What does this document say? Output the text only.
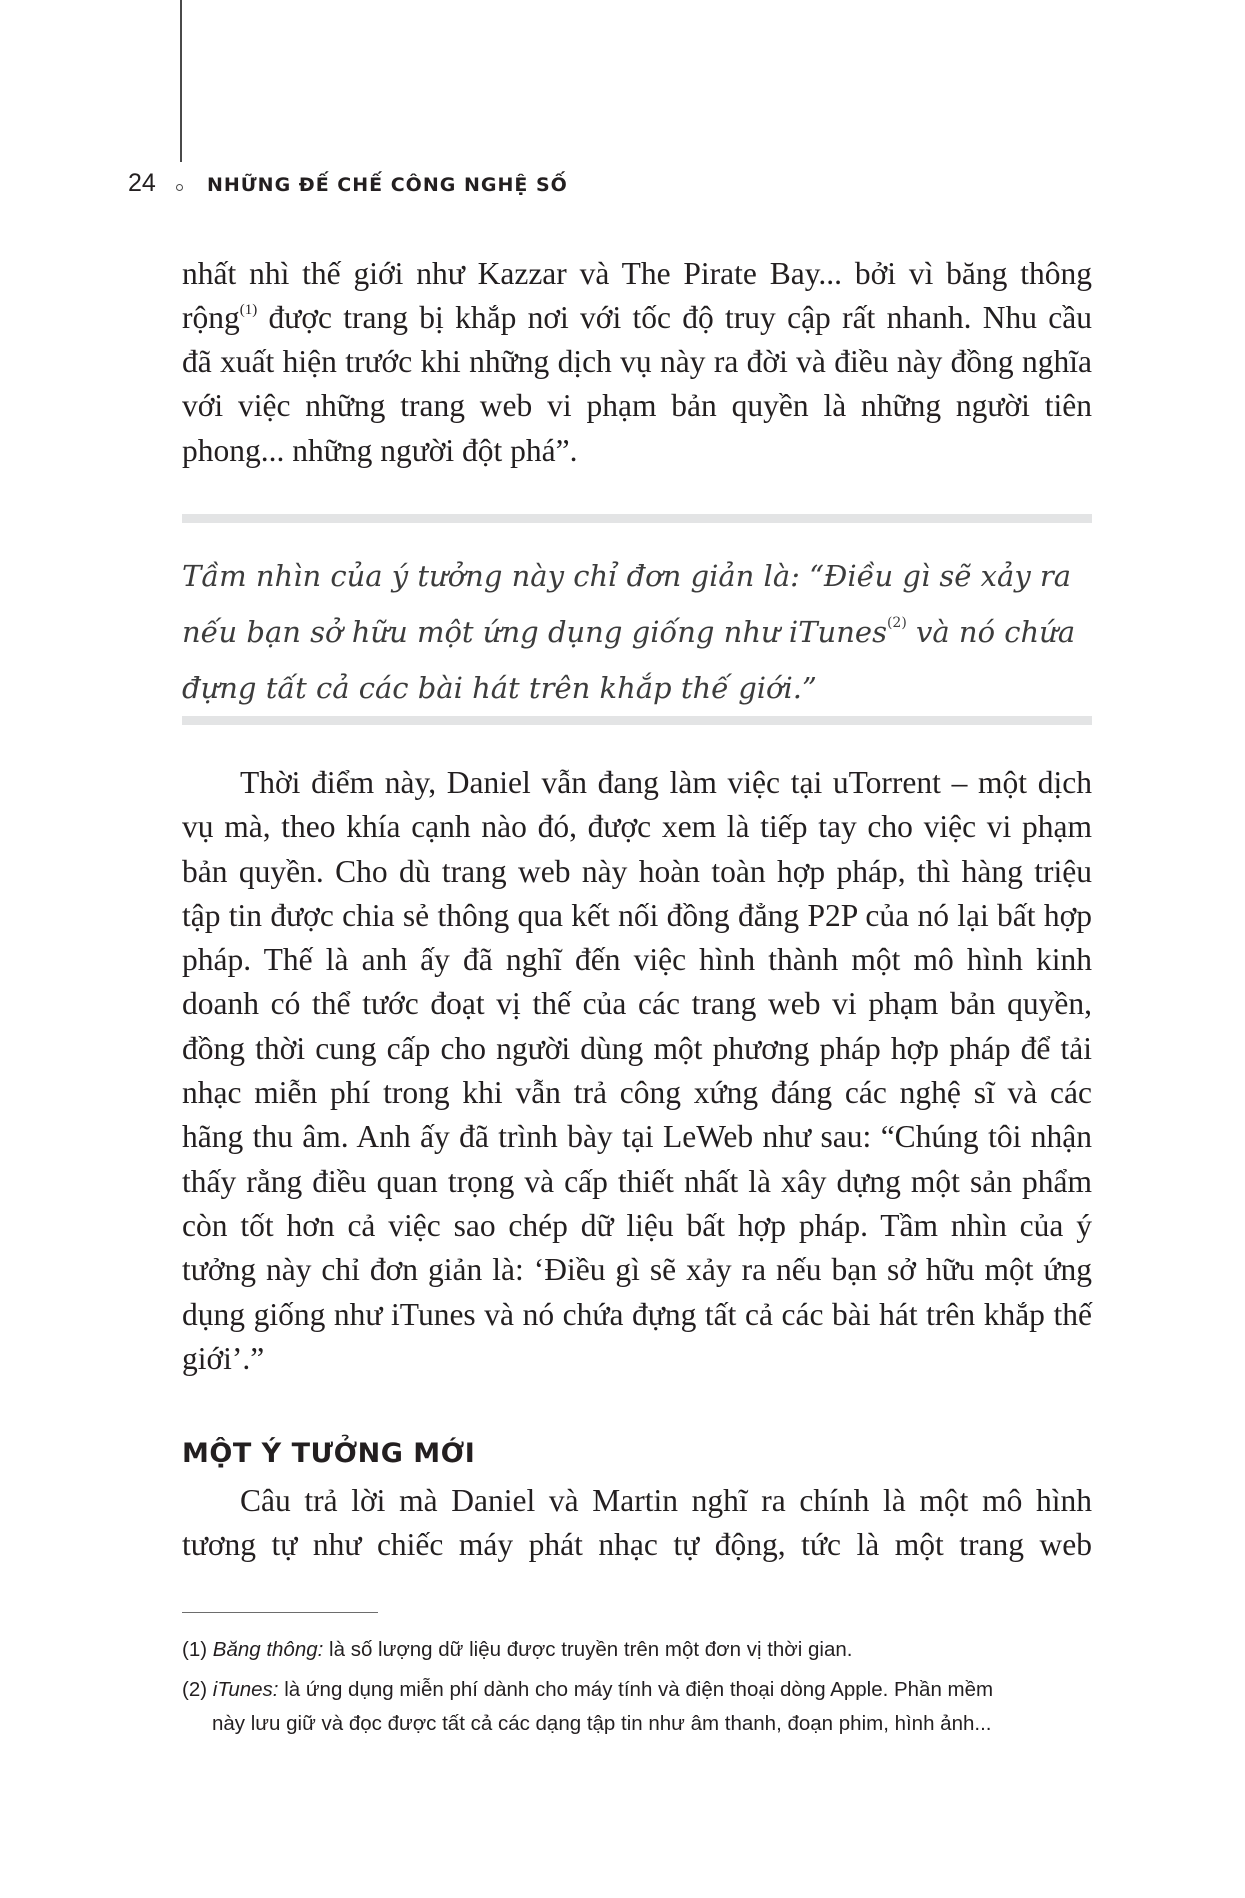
24	NHỮNG ĐẾ CHẾ CÔNG NGHỆ SỐ

nhất nhì thế giới như Kazzar và The Pirate Bay... bởi vì băng thông

rộng$^{(1)}$ được trang bị khắp nơi với tốc độ truy cập rất nhanh. Nhu cầu

đã xuất hiện trước khi những dịch vụ này ra đời và điều này đồng nghĩa với việc những trang web vi phạm bản quyền là những người tiên phong... những người đột phá”.

Tầm nhìn của ý tưởng này chỉ đơn giản là: “Điều gì sẽ xảy ra nếu bạn sở hữu một ứng dụng giống như iTunes$^{(2)}$ và nó chứa đựng tất cả các bài hát trên khắp thế giới.”

Thời điểm này, Daniel vẫn đang làm việc tại uTorrent – một dịch vụ mà, theo khía cạnh nào đó, được xem là tiếp tay cho việc vi phạm bản quyền. Cho dù trang web này hoàn toàn hợp pháp, thì hàng triệu tập tin được chia sẻ thông qua kết nối đồng đẳng P2P của nó lại bất hợp pháp. Thế là anh ấy đã nghĩ đến việc hình thành một mô hình kinh doanh có thể tước đoạt vị thế của các trang web vi phạm bản quyền, đồng thời cung cấp cho người dùng một phương pháp hợp pháp để tải nhạc miễn phí trong khi vẫn trả công xứng đáng các nghệ sĩ và các hãng thu âm. Anh ấy đã trình bày tại LeWeb như sau: “Chúng tôi nhận thấy rằng điều quan trọng và cấp thiết nhất là xây dựng một sản phẩm còn tốt hơn cả việc sao chép dữ liệu bất hợp pháp. Tầm nhìn của ý tưởng này chỉ đơn giản là: ‘Điều gì sẽ xảy ra nếu bạn sở hữu một ứng dụng giống như iTunes và nó chứa đựng tất cả các bài hát trên khắp thế giới’.”

MỘT Ý TƯỞNG MỚI

Câu trả lời mà Daniel và Martin nghĩ ra chính là một mô hình tương tự như chiếc máy phát nhạc tự động, tức là một trang web

(1) Băng thông: là số lượng dữ liệu được truyền trên một đơn vị thời gian.

(2) iTunes: là ứng dụng miễn phí dành cho máy tính và điện thoại dòng Apple. Phần mềm
này lưu giữ và đọc được tất cả các dạng tập tin như âm thanh, đoạn phim, hình ảnh...
